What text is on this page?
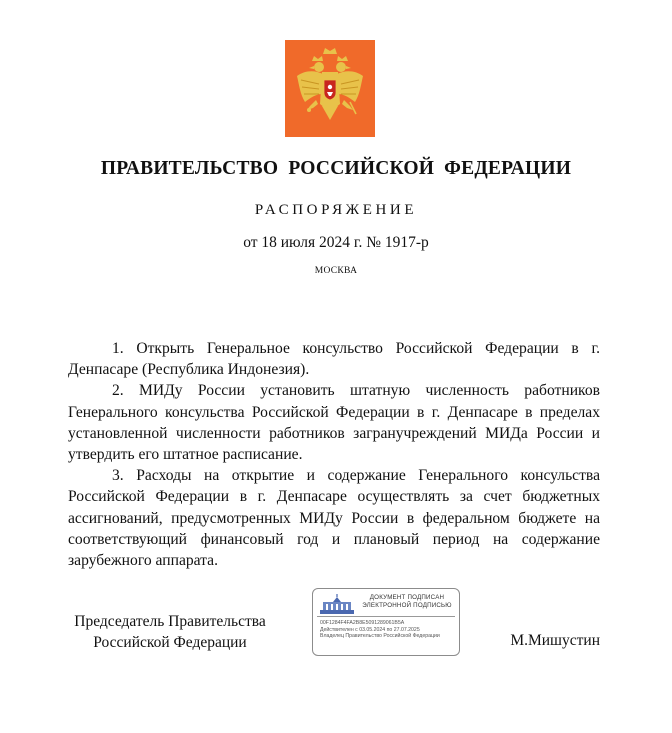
ПРАВИТЕЛЬСТВО РОССИЙСКОЙ ФЕДЕРАЦИИ
РАСПОРЯЖЕНИЕ
от 18 июля 2024 г. № 1917-р
МОСКВА

1. Открыть Генеральное консульство Российской Федерации в г. Денпасаре (Республика Индонезия).

2. МИДу России установить штатную численность работников Генерального консульства Российской Федерации в г. Денпасаре в пределах установленной численности работников загранучреждений МИДа России и утвердить его штатное расписание.

3. Расходы на открытие и содержание Генерального консульства Российской Федерации в г. Денпасаре осуществлять за счет бюджетных ассигнований, предусмотренных МИДу России в федеральном бюджете на соответствующий финансовый год и плановый период на содержание зарубежного аппарата.

Председатель Правительства
Российской Федерации
ДОКУМЕНТ ПОДПИСАН
ЭЛЕКТРОННОЙ ПОДПИСЬЮ
00F1284F4FA2B8E5091289061B5A
Действителен с 03.05.2024 по 27.07.2025
Владелец Правительство Российской Федерации	М.Мишустин
